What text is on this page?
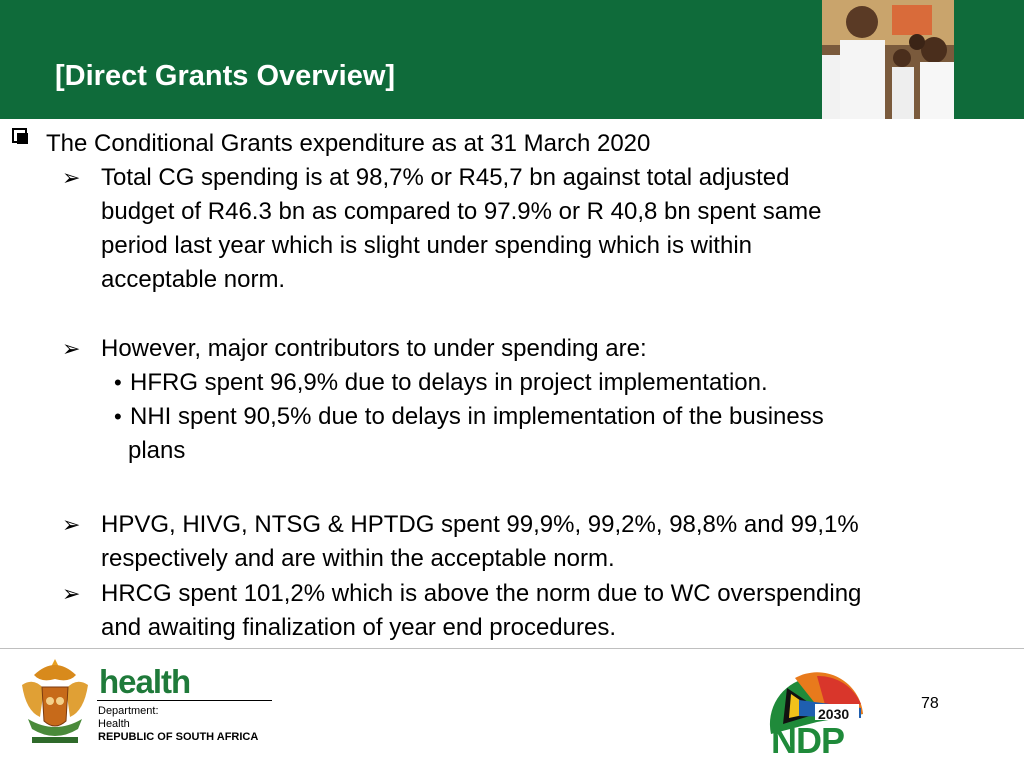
[Direct Grants Overview]
The Conditional Grants expenditure as at 31 March 2020
➢ Total CG spending is at 98,7% or R45,7 bn against total adjusted
budget of R46.3 bn as compared to 97.9% or R 40,8 bn spent same
period last year which is slight under spending which is within
acceptable norm.
➢ However, major contributors to under spending are:
• HFRG spent 96,9% due to delays in project implementation.
• NHI spent 90,5% due to delays in implementation of the business
plans
➢ HPVG, HIVG, NTSG & HPTDG spent 99,9%, 99,2%, 98,8% and 99,1%
respectively and are within the acceptable norm.
➢ HRCG spent 101,2% which is above the norm due to WC overspending
and awaiting finalization of year end procedures.
health
Department:
Health
REPUBLIC OF SOUTH AFRICA
2030
NDP
78
